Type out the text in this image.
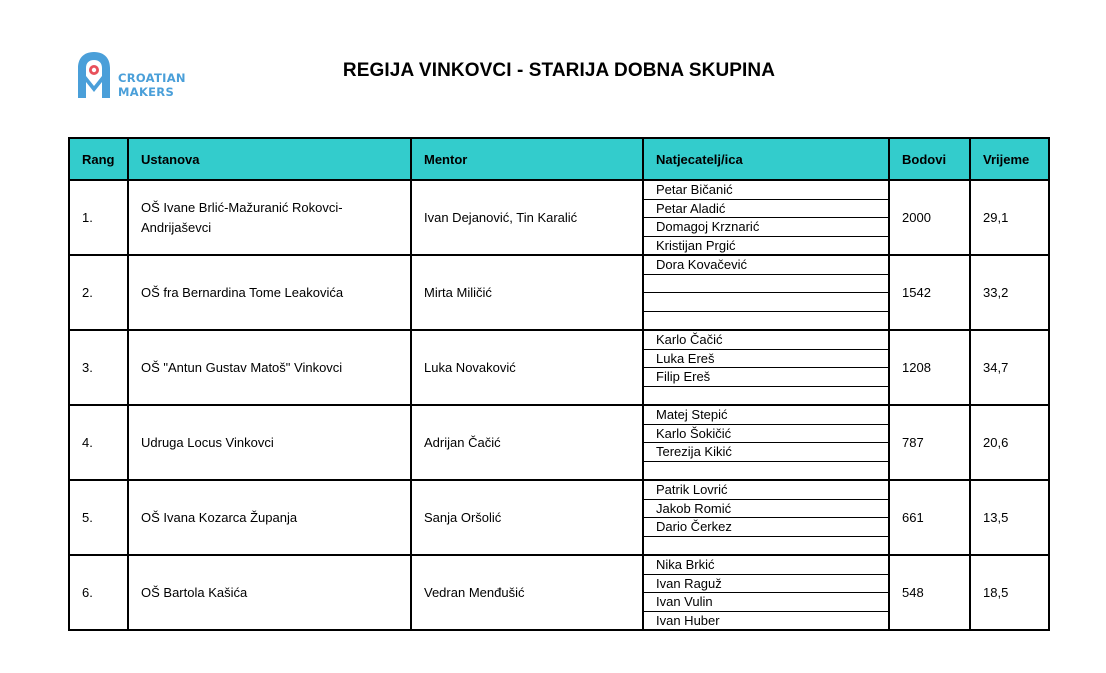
CROATIAN
MAKERS
REGIJA VINKOVCI - STARIJA DOBNA SKUPINA
Rang	Ustanova	Mentor	Natjecatelj/ica	Bodovi	Vrijeme
1.	OŠ Ivane Brlić-Mažuranić Rokovci-Andrijaševci	Ivan Dejanović, Tin Karalić	Petar Bičanić
Petar Aladić
Domagoj Krznarić
Kristijan Prgić	2000	29,1
2.	OŠ fra Bernardina Tome Leakovića	Mirta Miličić	Dora Kovačević	1542	33,2
3.	OŠ "Antun Gustav Matoš" Vinkovci	Luka Novaković	Karlo Čačić
Luka Ereš
Filip Ereš	1208	34,7
4.	Udruga Locus Vinkovci	Adrijan Čačić	Matej Stepić
Karlo Šokičić
Terezija Kikić	787	20,6
5.	OŠ Ivana Kozarca Županja	Sanja Oršolić	Patrik Lovrić
Jakob Romić
Dario Čerkez	661	13,5
6.	OŠ Bartola Kašića	Vedran Menđušić	Nika Brkić
Ivan Raguž
Ivan Vulin
Ivan Huber	548	18,5
